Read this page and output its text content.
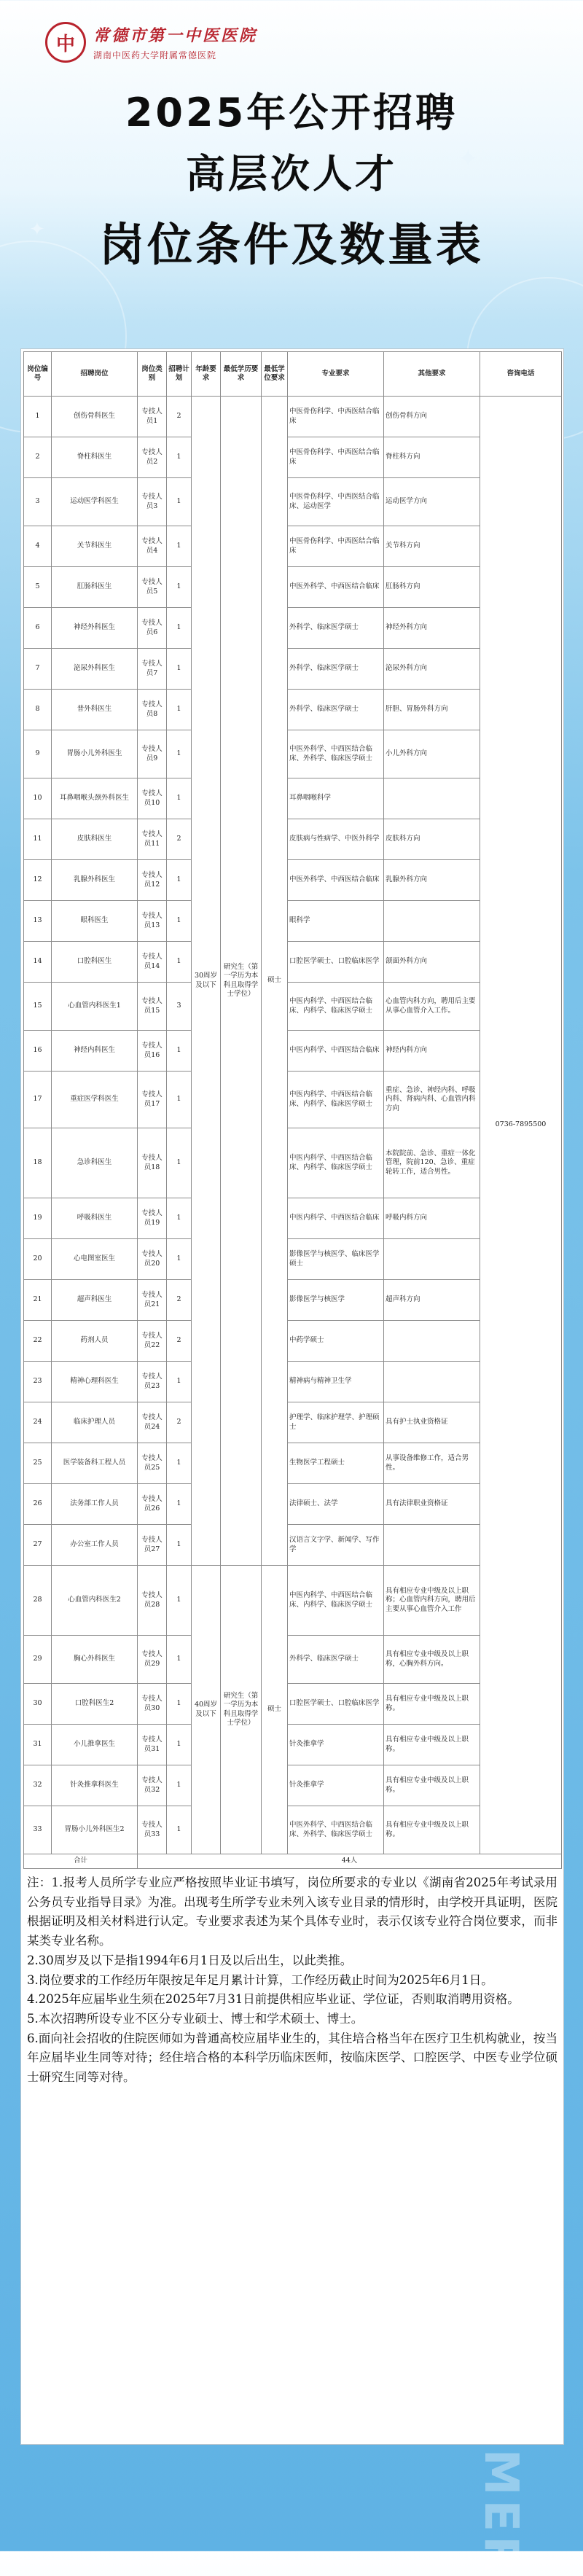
中	常德市第一中医医院
湖南中医药大学附属常德医院
2025年公开招聘
高层次人才
岗位条件及数量表
✦
✦
岗位编号	招聘岗位	岗位类别	招聘计划	年龄要求	最低学历要求	最低学位要求	专业要求	其他要求	咨询电话
1	创伤骨科医生	专技人员1	2	30周岁及以下	研究生（第一学历为本科且取得学士学位）	硕士	中医骨伤科学、中西医结合临床	创伤骨科方向	0736-7895500
2	脊柱科医生	专技人员2	1				中医骨伤科学、中西医结合临床	脊柱科方向	
3	运动医学科医生	专技人员3	1				中医骨伤科学、中西医结合临床、运动医学	运动医学方向	
4	关节科医生	专技人员4	1				中医骨伤科学、中西医结合临床	关节科方向	
5	肛肠科医生	专技人员5	1				中医外科学、中西医结合临床	肛肠科方向	
6	神经外科医生	专技人员6	1				外科学、临床医学硕士	神经外科方向	
7	泌尿外科医生	专技人员7	1				外科学、临床医学硕士	泌尿外科方向	
8	普外科医生	专技人员8	1				外科学、临床医学硕士	肝胆、胃肠外科方向	
9	胃肠小儿外科医生	专技人员9	1				中医外科学、中西医结合临床、外科学、临床医学硕士	小儿外科方向	
10	耳鼻咽喉头颈外科医生	专技人员10	1				耳鼻咽喉科学		
11	皮肤科医生	专技人员11	2				皮肤病与性病学、中医外科学	皮肤科方向	
12	乳腺外科医生	专技人员12	1				中医外科学、中西医结合临床	乳腺外科方向	
13	眼科医生	专技人员13	1				眼科学		
14	口腔科医生	专技人员14	1				口腔医学硕士、口腔临床医学	颌面外科方向	
15	心血管内科医生1	专技人员15	3				中医内科学、中西医结合临床、内科学、临床医学硕士	心血管内科方向，聘用后主要从事心血管介入工作。	
16	神经内科医生	专技人员16	1				中医内科学、中西医结合临床	神经内科方向	
17	重症医学科医生	专技人员17	1				中医内科学、中西医结合临床、内科学、临床医学硕士	重症、急诊、神经内科、呼吸内科、肾病内科、心血管内科方向	
18	急诊科医生	专技人员18	1				中医内科学、中西医结合临床、内科学、临床医学硕士	本院院前、急诊、重症一体化管理，院前120、急诊、重症轮转工作，适合男性。	
19	呼吸科医生	专技人员19	1				中医内科学、中西医结合临床	呼吸内科方向	
20	心电图室医生	专技人员20	1				影像医学与核医学、临床医学硕士		
21	超声科医生	专技人员21	2				影像医学与核医学	超声科方向	
22	药剂人员	专技人员22	2				中药学硕士		
23	精神心理科医生	专技人员23	1				精神病与精神卫生学		
24	临床护理人员	专技人员24	2				护理学、临床护理学、护理硕士	具有护士执业资格证	
25	医学装备科工程人员	专技人员25	1				生物医学工程硕士	从事设备维修工作，适合男性。	
26	法务部工作人员	专技人员26	1				法律硕士、法学	具有法律职业资格证	
27	办公室工作人员	专技人员27	1				汉语言文字学、新闻学、写作学		
28	心血管内科医生2	专技人员28	1	40周岁及以下	研究生（第一学历为本科且取得学士学位）	硕士	中医内科学、中西医结合临床、内科学、临床医学硕士	具有相应专业中级及以上职称；心血管内科方向，聘用后主要从事心血管介入工作	
29	胸心外科医生	专技人员29	1				外科学、临床医学硕士	具有相应专业中级及以上职称，心胸外科方向。	
30	口腔科医生2	专技人员30	1				口腔医学硕士、口腔临床医学	具有相应专业中级及以上职称。	
31	小儿推拿医生	专技人员31	1				针灸推拿学	具有相应专业中级及以上职称。	
32	针灸推拿科医生	专技人员32	1				针灸推拿学	具有相应专业中级及以上职称。	
33	胃肠小儿外科医生2	专技人员33	1				中医外科学、中西医结合临床、外科学、临床医学硕士	具有相应专业中级及以上职称。	
合计		44人							

注：1.报考人员所学专业应严格按照毕业证书填写，岗位所要求的专业以《湖南省2025年考试录用公务员专业指导目录》为准。出现考生所学专业未列入该专业目录的情形时，由学校开具证明，医院根据证明及相关材料进行认定。专业要求表述为某个具体专业时，表示仅该专业符合岗位要求，而非某类专业名称。

2.30周岁及以下是指1994年6月1日及以后出生，以此类推。

3.岗位要求的工作经历年限按足年足月累计计算，工作经历截止时间为2025年6月1日。

4.2025年应届毕业生须在2025年7月31日前提供相应毕业证、学位证，否则取消聘用资格。

5.本次招聘所设专业不区分专业硕士、博士和学术硕士、博士。

6.面向社会招收的住院医师如为普通高校应届毕业生的，其住培合格当年在医疗卫生机构就业，按当年应届毕业生同等对待；经住培合格的本科学历临床医师，按临床医学、口腔医学、中医专业学位硕士研究生同等对待。

SUMMER
